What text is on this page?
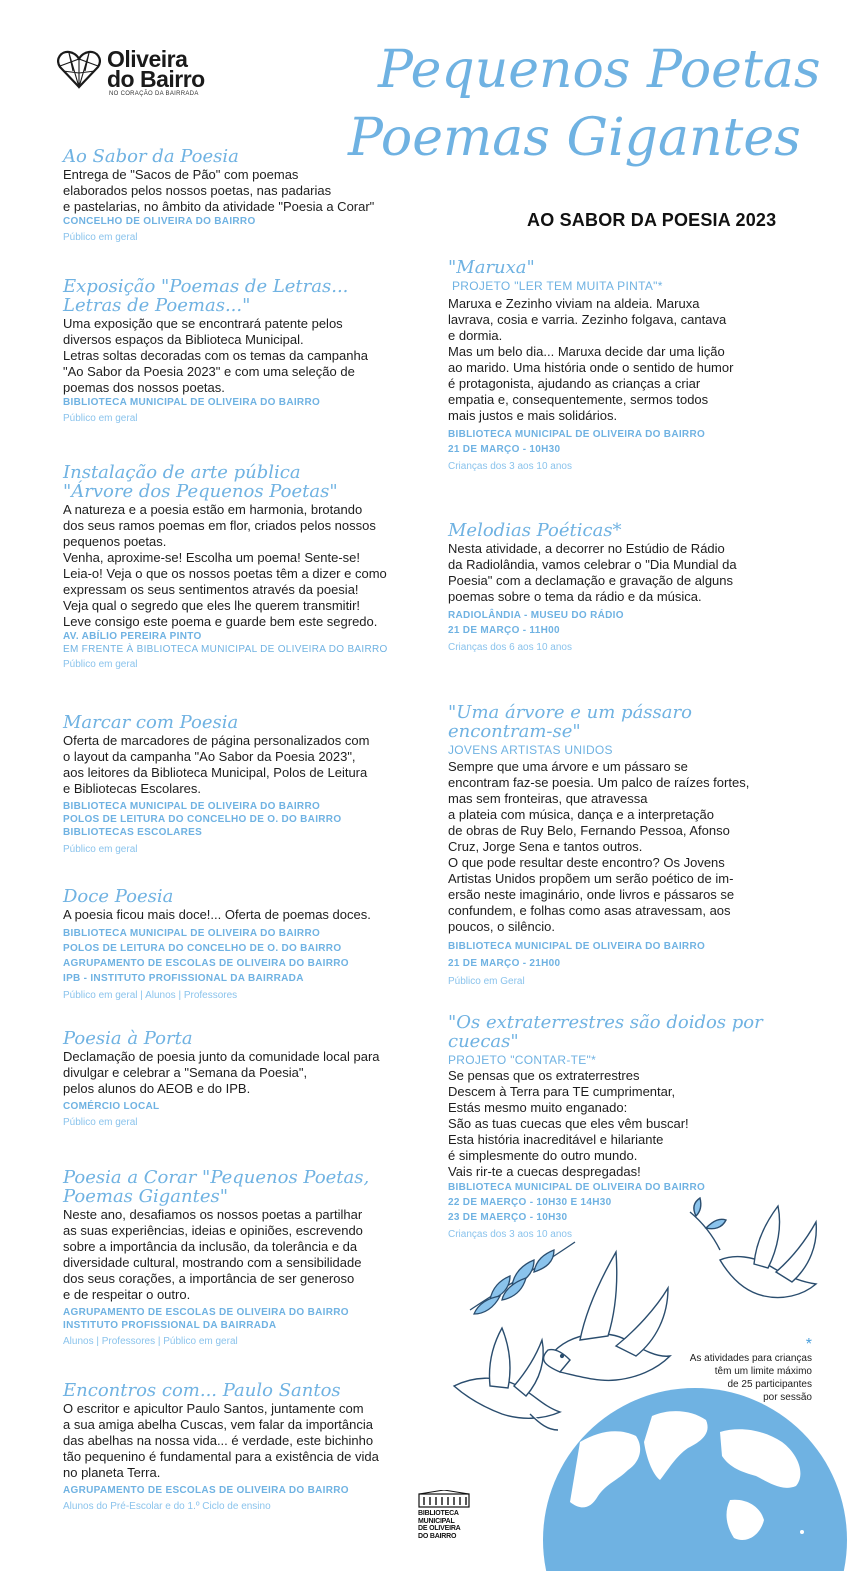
Oliveira
do Bairro
NO CORAÇÃO DA BAIRRADA	Pequenos Poetas
Poemas Gigantes
AO SABOR DA POESIA 2023
Ao Sabor da Poesia
Entrega de "Sacos de Pão" com poemas
elaborados pelos nossos poetas, nas padarias
e pastelarias, no âmbito da atividade "Poesia a Corar"
CONCELHO DE OLIVEIRA DO BAIRRO
Público em geral
Exposição "Poemas de Letras...
Letras de Poemas..."
Uma exposição que se encontrará patente pelos
diversos espaços da Biblioteca Municipal.
Letras soltas decoradas com os temas da campanha
"Ao Sabor da Poesia 2023" e com uma seleção de
poemas dos nossos poetas.
BIBLIOTECA MUNICIPAL DE OLIVEIRA DO BAIRRO
Público em geral
Instalação de arte pública
"Árvore dos Pequenos Poetas"
A natureza e a poesia estão em harmonia, brotando
dos seus ramos poemas em flor, criados pelos nossos
pequenos poetas.
Venha, aproxime-se! Escolha um poema! Sente-se!
Leia-o! Veja o que os nossos poetas têm a dizer e como
expressam os seus sentimentos através da poesia!
Veja qual o segredo que eles lhe querem transmitir!
Leve consigo este poema e guarde bem este segredo.
AV. ABÍLIO PEREIRA PINTO
EM FRENTE À BIBLIOTECA MUNICIPAL DE OLIVEIRA DO BAIRRO
Público em geral
Marcar com Poesia
Oferta de marcadores de página personalizados com
o layout da campanha "Ao Sabor da Poesia 2023",
aos leitores da Biblioteca Municipal, Polos de Leitura
e Bibliotecas Escolares.
BIBLIOTECA MUNICIPAL DE OLIVEIRA DO BAIRRO
POLOS DE LEITURA DO CONCELHO DE O. DO BAIRRO
BIBLIOTECAS ESCOLARES
Público em geral
Doce Poesia
A poesia ficou mais doce!... Oferta de poemas doces.
BIBLIOTECA MUNICIPAL DE OLIVEIRA DO BAIRRO
POLOS DE LEITURA DO CONCELHO DE O. DO BAIRRO
AGRUPAMENTO DE ESCOLAS DE OLIVEIRA DO BAIRRO
IPB - INSTITUTO PROFISSIONAL DA BAIRRADA
Público em geral | Alunos | Professores
Poesia à Porta
Declamação de poesia junto da comunidade local para
divulgar e celebrar a "Semana da Poesia",
pelos alunos do AEOB e do IPB.
COMÉRCIO LOCAL
Público em geral
Poesia a Corar "Pequenos Poetas,
Poemas Gigantes"
Neste ano, desafiamos os nossos poetas a partilhar
as suas experiências, ideias e opiniões, escrevendo
sobre a importância da inclusão, da tolerância e da
diversidade cultural, mostrando com a sensibilidade
dos seus corações, a importância de ser generoso
e de respeitar o outro.
AGRUPAMENTO DE ESCOLAS DE OLIVEIRA DO BAIRRO
INSTITUTO PROFISSIONAL DA BAIRRADA
Alunos | Professores | Público em geral
Encontros com... Paulo Santos
O escritor e apicultor Paulo Santos, juntamente com
a sua amiga abelha Cuscas, vem falar da importância
das abelhas na nossa vida... é verdade, este bichinho
tão pequenino é fundamental para a existência de vida
no planeta Terra.
AGRUPAMENTO DE ESCOLAS DE OLIVEIRA DO BAIRRO
Alunos do Pré-Escolar e do 1.º Ciclo de ensino
"Maruxa"
PROJETO "LER TEM MUITA PINTA"*
Maruxa e Zezinho viviam na aldeia. Maruxa
lavrava, cosia e varria. Zezinho folgava, cantava
e dormia.
Mas um belo dia... Maruxa decide dar uma lição
ao marido. Uma história onde o sentido de humor
é protagonista, ajudando as crianças a criar
empatia e, consequentemente, sermos todos
mais justos e mais solidários.
BIBLIOTECA MUNICIPAL DE OLIVEIRA DO BAIRRO
21 DE MARÇO - 10H30
Crianças dos 3 aos 10 anos
Melodias Poéticas*
Nesta atividade, a decorrer no Estúdio de Rádio
da Radiolândia, vamos celebrar o "Dia Mundial da
Poesia" com a declamação e gravação de alguns
poemas sobre o tema da rádio e da música.
RADIOLÂNDIA - MUSEU DO RÁDIO
21 DE MARÇO - 11H00
Crianças dos 6 aos 10 anos
"Uma árvore e um pássaro
encontram-se"
JOVENS ARTISTAS UNIDOS
Sempre que uma árvore e um pássaro se
encontram faz-se poesia. Um palco de raízes fortes,
mas sem fronteiras, que atravessa
a plateia com música, dança e a interpretação
de obras de Ruy Belo, Fernando Pessoa, Afonso
Cruz, Jorge Sena e tantos outros.
O que pode resultar deste encontro? Os Jovens
Artistas Unidos propõem um serão poético de im-
ersão neste imaginário, onde livros e pássaros se
confundem, e folhas como asas atravessam, aos
poucos, o silêncio.
BIBLIOTECA MUNICIPAL DE OLIVEIRA DO BAIRRO
21 DE MARÇO - 21H00
Público em Geral
"Os extraterrestres são doidos por cuecas"
PROJETO "CONTAR-TE"*
Se pensas que os extraterrestres
Descem à Terra para TE cumprimentar,
Estás mesmo muito enganado:
São as tuas cuecas que eles vêm buscar!
Esta história inacreditável e hilariante
é simplesmente do outro mundo.
Vais rir-te a cuecas despregadas!
BIBLIOTECA MUNICIPAL DE OLIVEIRA DO BAIRRO
22 DE MAERÇO - 10H30 E 14H30
23 DE MAERÇO - 10H30
Crianças dos 3 aos 10 anos
*
As atividades para crianças
têm um limite máximo
de 25 participantes
por sessão
BIBLIOTECA
MUNICIPAL
DE OLIVEIRA
DO BAIRRO
